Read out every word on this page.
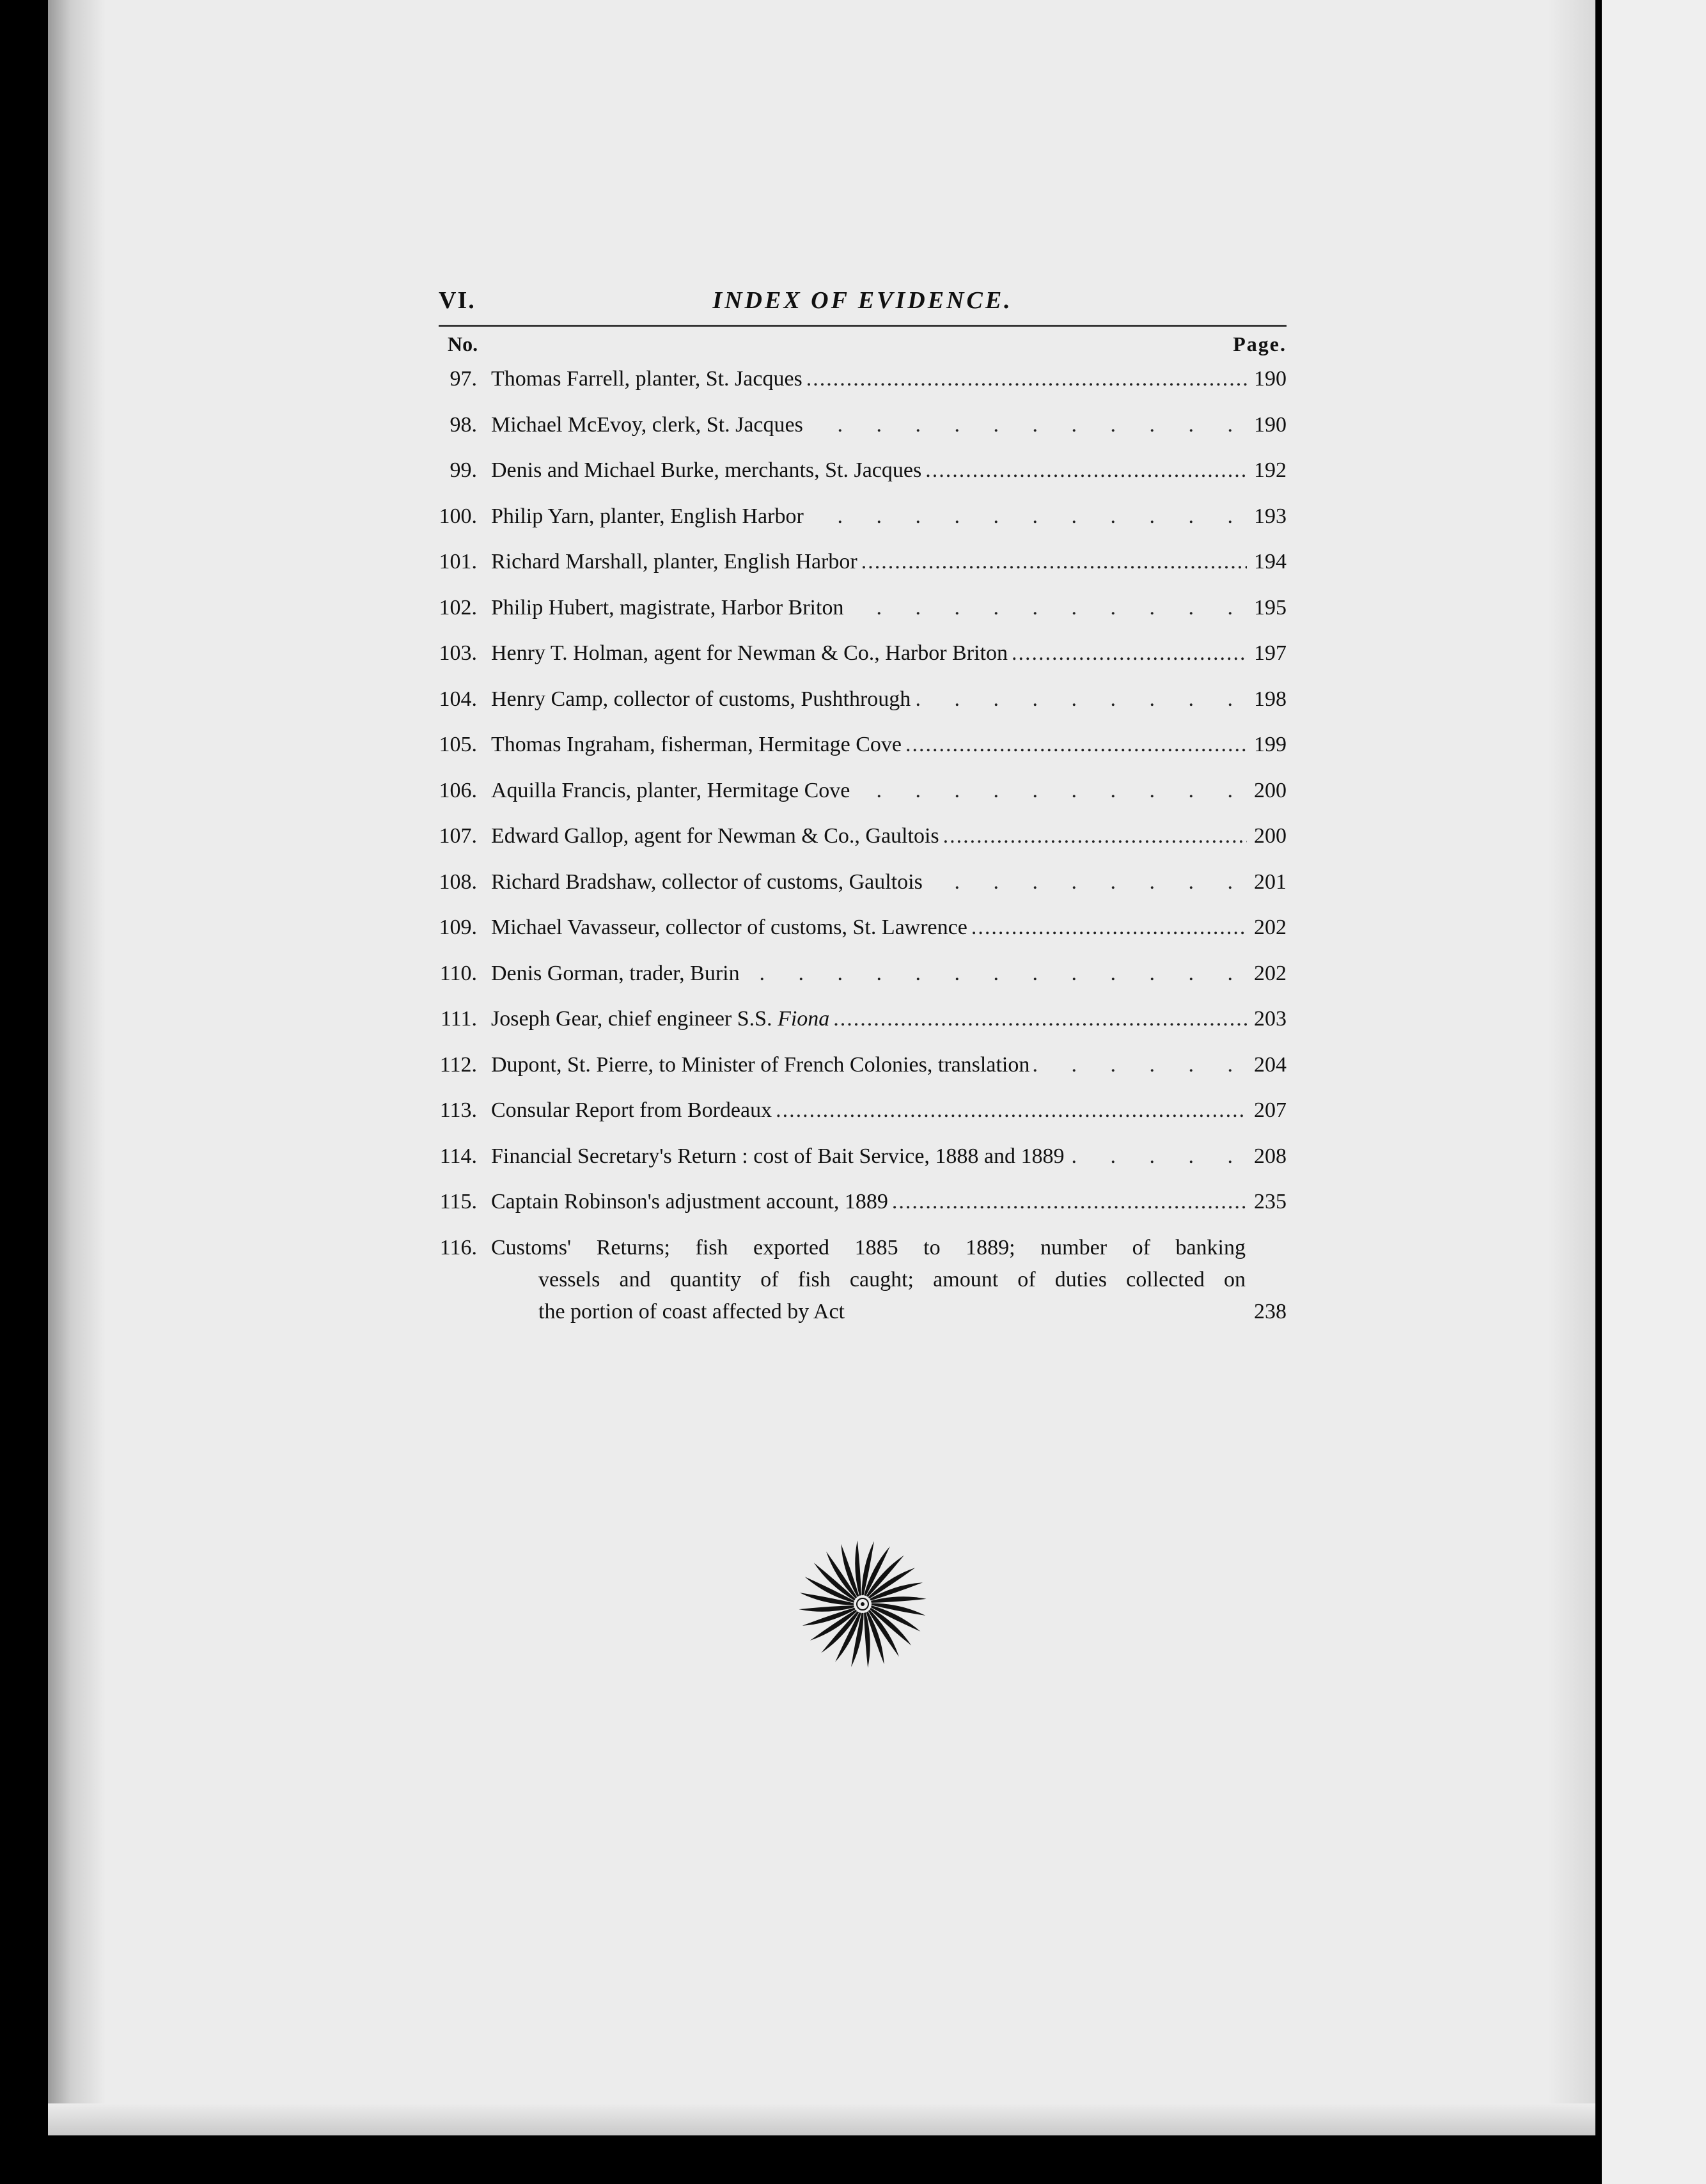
VI.	INDEX OF EVIDENCE.
No.	Page.
97. Thomas Farrell, planter, St. Jacques .....	190
98. Michael McEvoy, clerk, St. Jacques . . .	190
99. Denis and Michael Burke, merchants, St. Jacques .....	192
100. Philip Yarn, planter, English Harbor . . .	193
101. Richard Marshall, planter, English Harbor .....	194
102. Philip Hubert, magistrate, Harbor Briton . . .	195
103. Henry T. Holman, agent for Newman & Co., Harbor Briton .....	197
104. Henry Camp, collector of customs, Pushthrough . . .	198
105. Thomas Ingraham, fisherman, Hermitage Cove .....	199
106. Aquilla Francis, planter, Hermitage Cove . . .	200
107. Edward Gallop, agent for Newman & Co., Gaultois .....	200
108. Richard Bradshaw, collector of customs, Gaultois . . .	201
109. Michael Vavasseur, collector of customs, St. Lawrence .....	202
110. Denis Gorman, trader, Burin . . .	202
111. Joseph Gear, chief engineer S.S. Fiona .....	203
112. Dupont, St. Pierre, to Minister of French Colonies, translation . . .	204
113. Consular Report from Bordeaux .....	207
114. Financial Secretary's Return : cost of Bait Service, 1888 and 1889 . . .	208
115. Captain Robinson's adjustment account, 1889 .....	235
116. Customs' Returns; fish exported 1885 to 1889; number of banking
vessels and quantity of fish caught; amount of duties collected on
the portion of coast affected by Act	238
